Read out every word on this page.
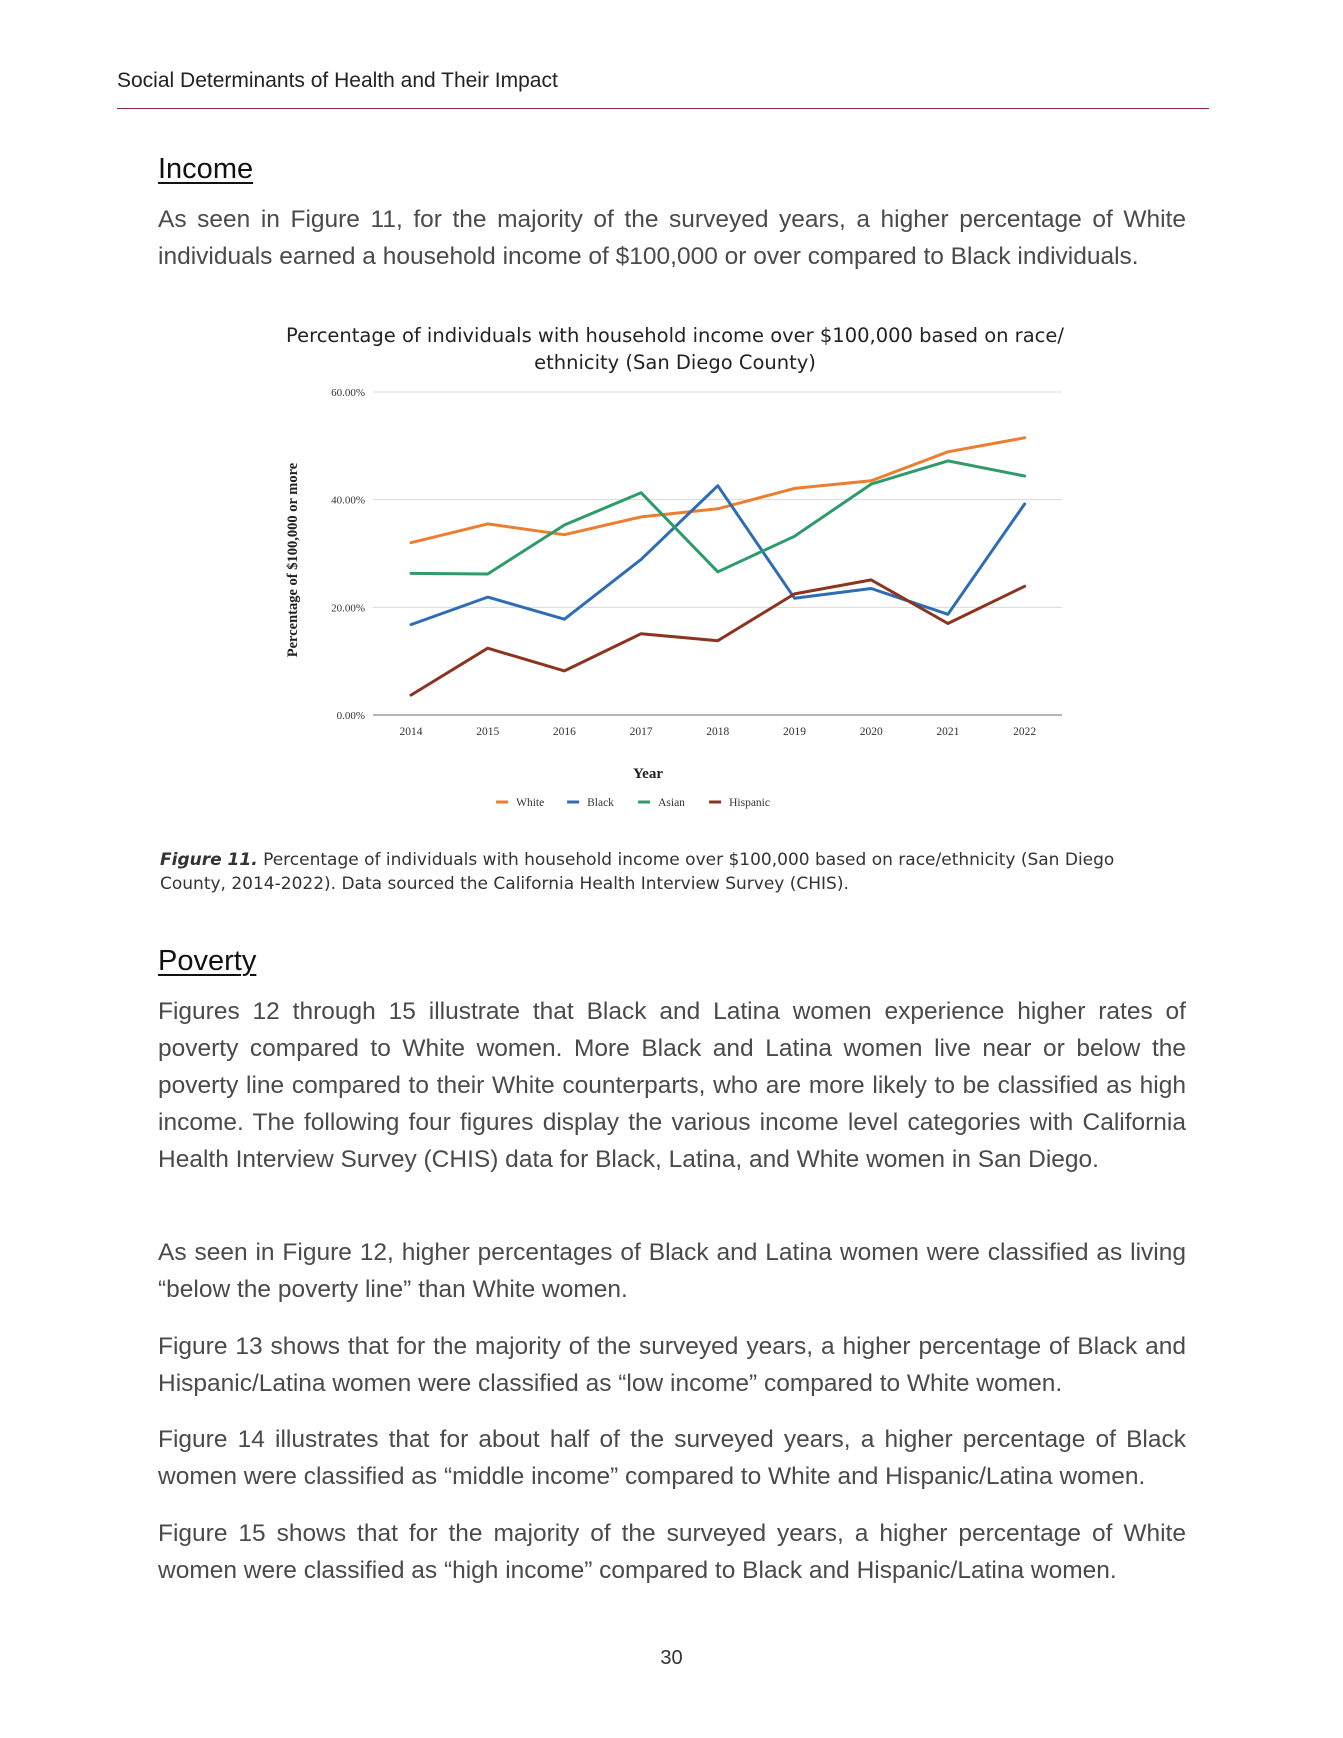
Social Determinants of Health and Their Impact
Income
As seen in Figure 11, for the majority of the surveyed years, a higher percentage of White individuals earned a household income of $100,000 or over compared to Black individuals.
Percentage of individuals with household income over $100,000 based on race/
ethnicity (San Diego County)
0.00%
20.00%
40.00%
60.00%
2014	2015	2016	2017	2018	2019	2020	2021	2022
Year
Percentage of $100,000 or more
White	Black	Asian	Hispanic
Figure 11. Percentage of individuals with household income over $100,000 based on race/ethnicity (San Diego County, 2014-2022). Data sourced the California Health Interview Survey (CHIS).
Poverty
Figures 12 through 15 illustrate that Black and Latina women experience higher rates of poverty compared to White women. More Black and Latina women live near or below the poverty line compared to their White counterparts, who are more likely to be classified as high income. The following four figures display the various income level categories with California Health Interview Survey (CHIS) data for Black, Latina, and White women in San Diego.
As seen in Figure 12, higher percentages of Black and Latina women were classified as living “below the poverty line” than White women.
Figure 13 shows that for the majority of the surveyed years, a higher percentage of Black and Hispanic/Latina women were classified as “low income” compared to White women.
Figure 14 illustrates that for about half of the surveyed years, a higher percentage of Black women were classified as “middle income” compared to White and Hispanic/Latina women.
Figure 15 shows that for the majority of the surveyed years, a higher percentage of White women were classified as “high income” compared to Black and Hispanic/Latina women.
30
